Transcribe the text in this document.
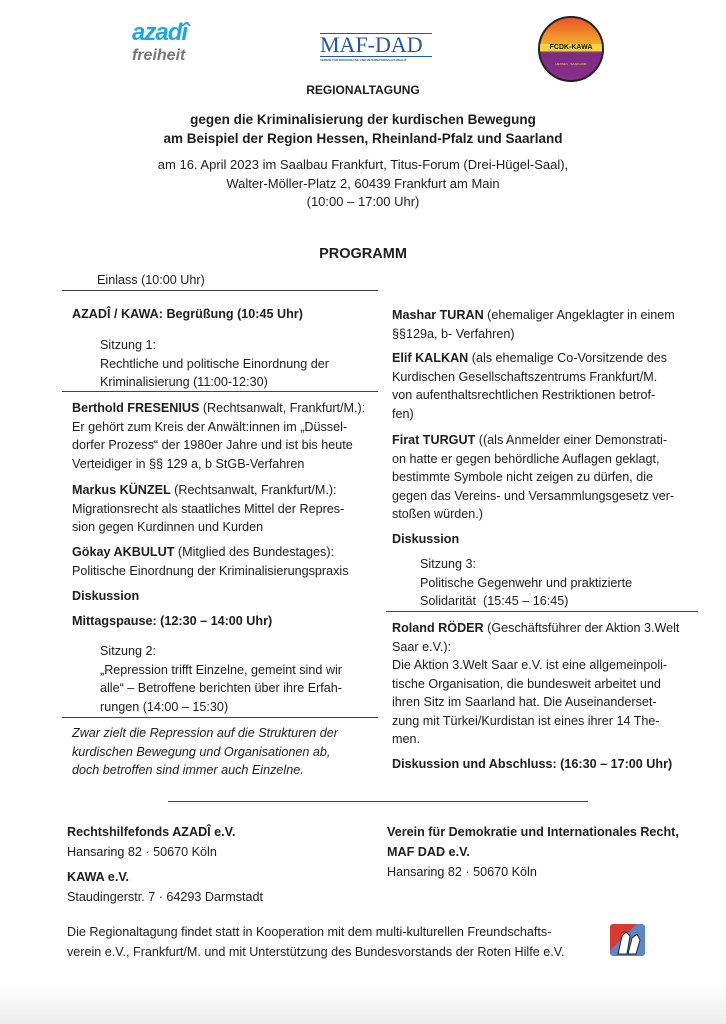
azadî
freiheit	MAF-DAD
VEREIN FÜR DEMOKRATIE UND INTERNATIONALES RECHT
FCDK-KAWA
HESSEN · SAARLAND
REGIONALTAGUNG
gegen die Kriminalisierung der kurdischen Bewegung
am Beispiel der Region Hessen, Rheinland-Pfalz und Saarland
am 16. April 2023 im Saalbau Frankfurt, Titus-Forum (Drei-Hügel-Saal),
Walter-Möller-Platz 2, 60439 Frankfurt am Main
(10:00 – 17:00 Uhr)
PROGRAMM
Einlass (10:00 Uhr)
AZADÎ / KAWA: Begrüßung (10:45 Uhr)
Sitzung 1:
Rechtliche und politische Einordnung der
Kriminalisierung (11:00-12:30)
Berthold FRESENIUS (Rechtsanwalt, Frankfurt/M.):
Er gehört zum Kreis der Anwält:innen im „Düssel-
dorfer Prozess“ der 1980er Jahre und ist bis heute
Verteidiger in §§ 129 a, b StGB-Verfahren
Markus KÜNZEL (Rechtsanwalt, Frankfurt/M.):
Migrationsrecht als staatliches Mittel der Repres-
sion gegen Kurdinnen und Kurden
Gökay AKBULUT (Mitglied des Bundestages):
Politische Einordnung der Kriminalisierungspraxis
Diskussion
Mittagspause: (12:30 – 14:00 Uhr)
Sitzung 2:
„Repression trifft Einzelne, gemeint sind wir
alle“ – Betroffene berichten über ihre Erfah-
rungen (14:00 – 15:30)
Zwar zielt die Repression auf die Strukturen der
kurdischen Bewegung und Organisationen ab,
doch betroffen sind immer auch Einzelne.
Mashar TURAN (ehemaliger Angeklagter in einem
§§129a, b- Verfahren)
Elif KALKAN (als ehemalige Co-Vorsitzende des
Kurdischen Gesellschaftszentrums Frankfurt/M.
von aufenthaltsrechtlichen Restriktionen betrof-
fen)
Firat TURGUT ((als Anmelder einer Demonstrati-
on hatte er gegen behördliche Auflagen geklagt,
bestimmte Symbole nicht zeigen zu dürfen, die
gegen das Vereins- und Versammlungsgesetz ver-
stoßen würden.)
Diskussion
Sitzung 3:
Politische Gegenwehr und praktizierte
Solidarität  (15:45 – 16:45)
Roland RÖDER (Geschäftsführer der Aktion 3.Welt
Saar e.V.):
Die Aktion 3.Welt Saar e.V. ist eine allgemeinpoli-
tische Organisation, die bundesweit arbeitet und
ihren Sitz im Saarland hat. Die Auseinanderset-
zung mit Türkei/Kurdistan ist eines ihrer 14 The-
men.
Diskussion und Abschluss: (16:30 – 17:00 Uhr)
Rechtshilfefonds AZADÎ e.V.
Hansaring 82 · 50670 Köln
KAWA e.V.
Staudingerstr. 7 · 64293 Darmstadt
Verein für Demokratie und Internationales Recht,
MAF DAD e.V.
Hansaring 82 · 50670 Köln
Die Regionaltagung findet statt in Kooperation mit dem multi-kulturellen Freundschafts-
verein e.V., Frankfurt/M. und mit Unterstützung des Bundesvorstands der Roten Hilfe e.V.
